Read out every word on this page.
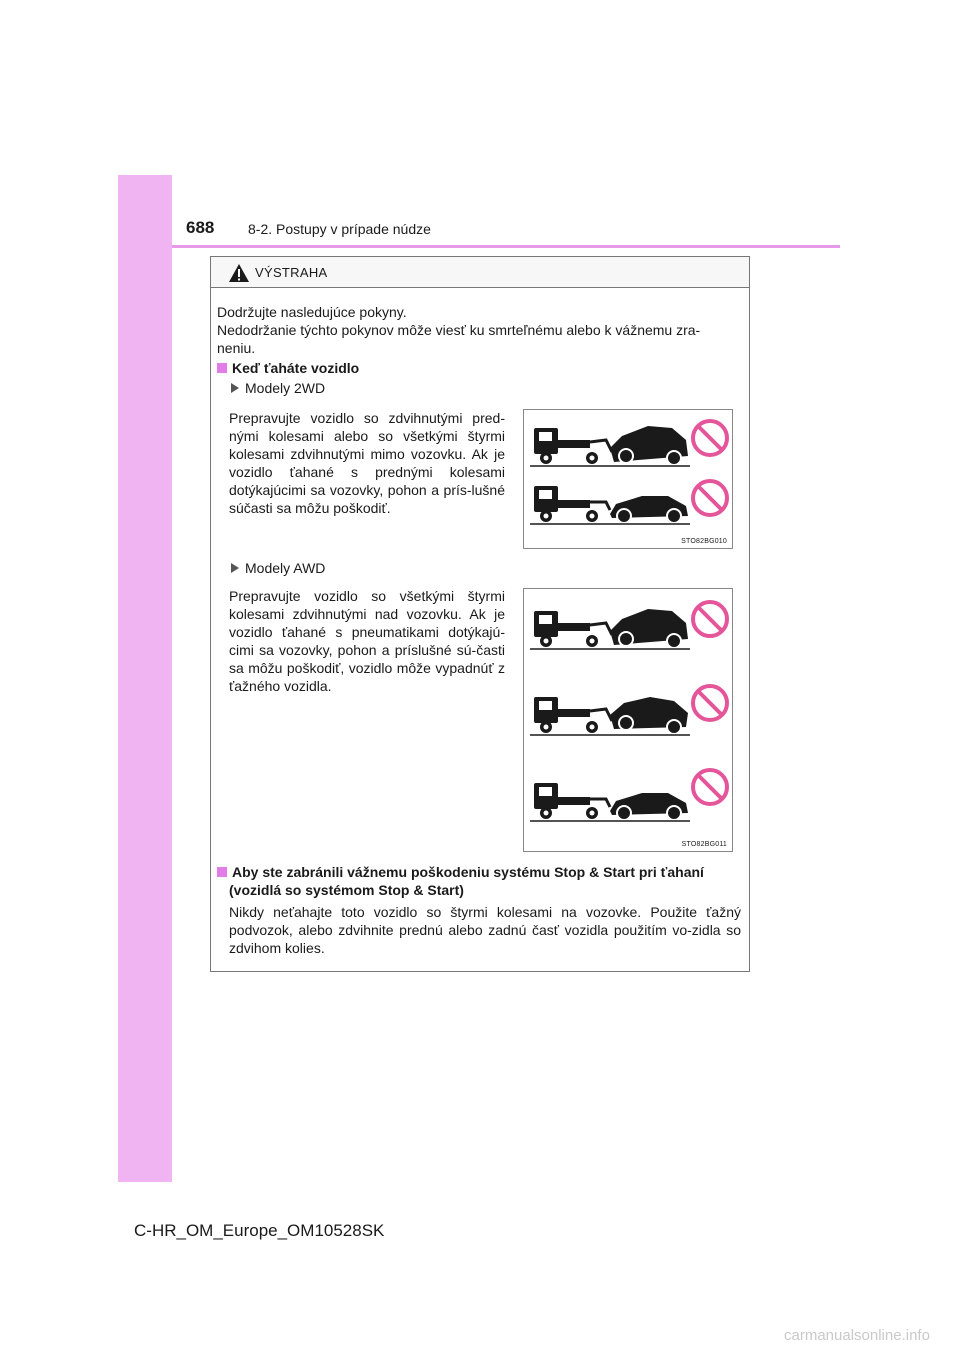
688 8-2. Postupy v prípade núdze
VÝSTRAHA
Dodržujte nasledujúce pokyny.
Nedodržanie týchto pokynov môže viesť ku smrteľnému alebo k vážnemu zra-
neniu.
Keď ťaháte vozidlo
Modely 2WD
Prepravujte vozidlo so zdvihnutými pred-nými kolesami alebo so všetkými štyrmi kolesami zdvihnutými mimo vozovku. Ak je vozidlo ťahané s prednými kolesami dotýkajúcimi sa vozovky, pohon a prís-lušné súčasti sa môžu poškodiť.
STO82BG010
Modely AWD
Prepravujte vozidlo so všetkými štyrmi kolesami zdvihnutými nad vozovku. Ak je vozidlo ťahané s pneumatikami dotýkajú-cimi sa vozovky, pohon a príslušné sú-časti sa môžu poškodiť, vozidlo môže vypadnúť z ťažného vozidla.
STO82BG011
Aby ste zabránili vážnemu poškodeniu systému Stop & Start pri ťahaní
(vozidlá so systémom Stop & Start)
Nikdy neťahajte toto vozidlo so štyrmi kolesami na vozovke. Použite ťažný podvozok, alebo zdvihnite prednú alebo zadnú časť vozidla použitím vo-zidla so zdvihom kolies.
C-HR_OM_Europe_OM10528SK
carmanualsonline.info
